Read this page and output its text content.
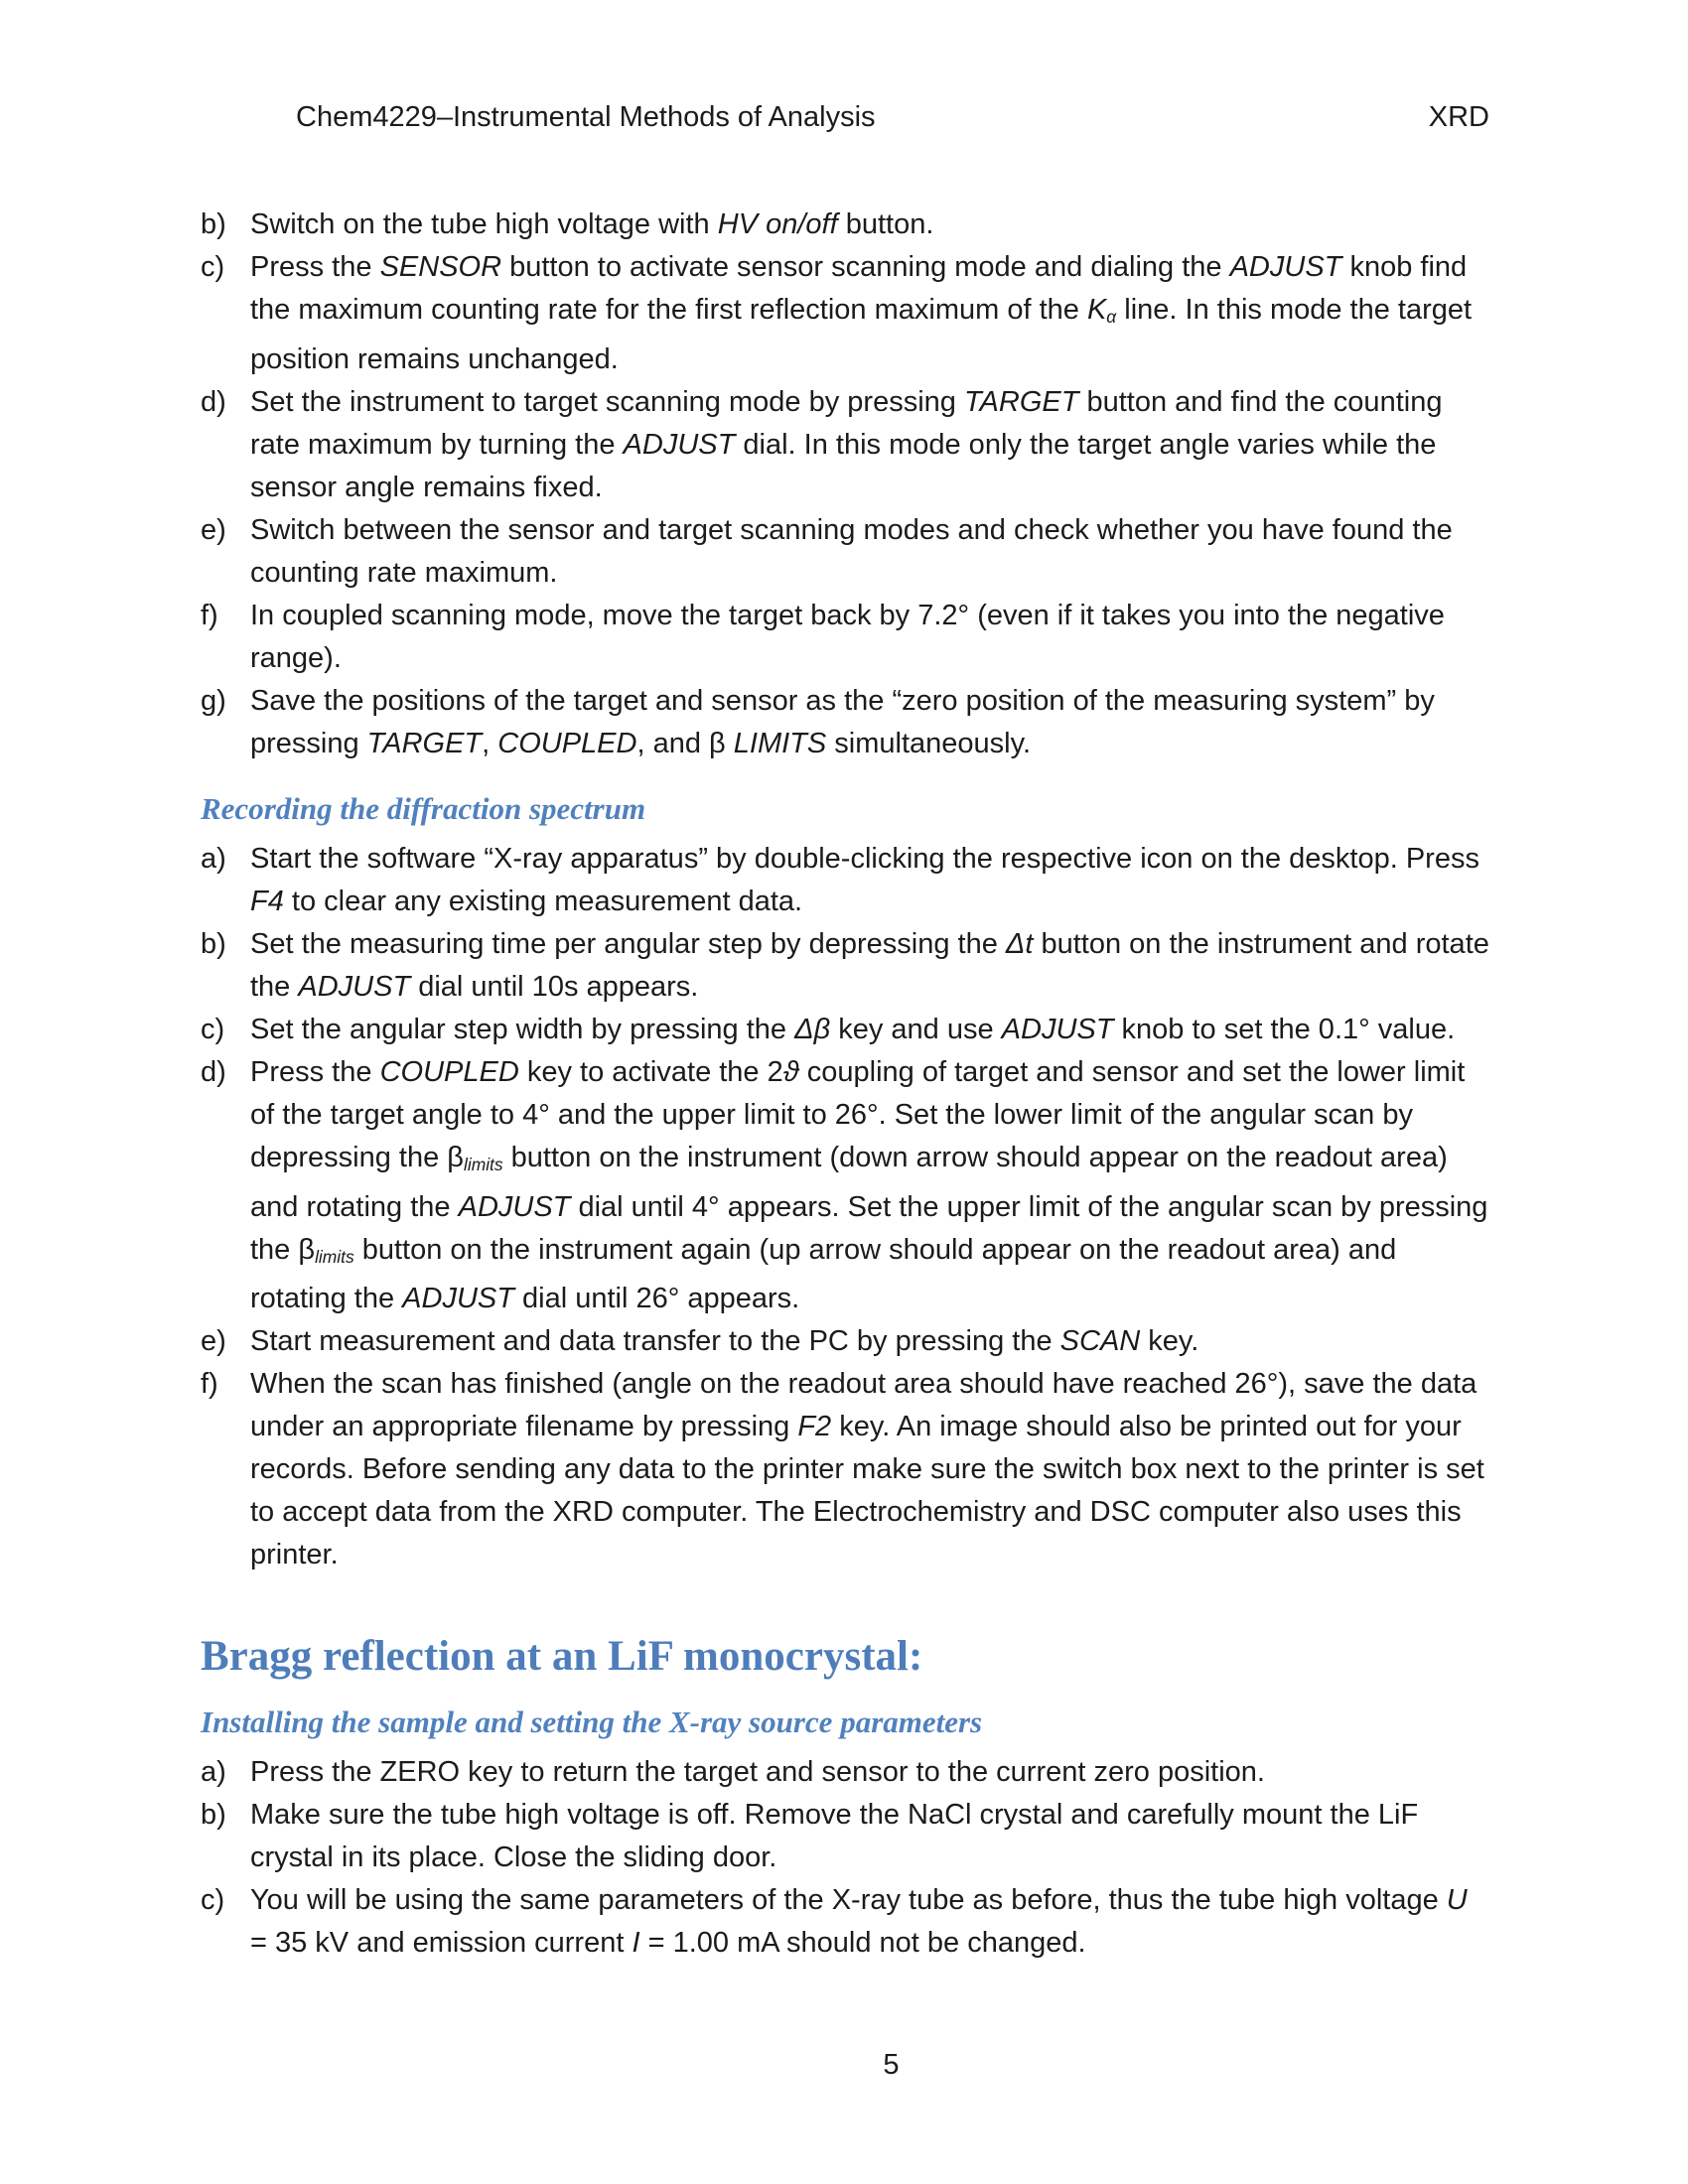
Chem4229–Instrumental Methods of Analysis	XRD
b) Switch on the tube high voltage with HV on/off button.
c) Press the SENSOR button to activate sensor scanning mode and dialing the ADJUST knob find the maximum counting rate for the first reflection maximum of the Kα line. In this mode the target position remains unchanged.
d) Set the instrument to target scanning mode by pressing TARGET button and find the counting rate maximum by turning the ADJUST dial. In this mode only the target angle varies while the sensor angle remains fixed.
e) Switch between the sensor and target scanning modes and check whether you have found the counting rate maximum.
f) In coupled scanning mode, move the target back by 7.2° (even if it takes you into the negative range).
g) Save the positions of the target and sensor as the “zero position of the measuring system” by pressing TARGET, COUPLED, and β LIMITS simultaneously.
Recording the diffraction spectrum
a) Start the software “X-ray apparatus” by double-clicking the respective icon on the desktop. Press F4 to clear any existing measurement data.
b) Set the measuring time per angular step by depressing the Δt button on the instrument and rotate the ADJUST dial until 10s appears.
c) Set the angular step width by pressing the Δβ key and use ADJUST knob to set the 0.1° value.
d) Press the COUPLED key to activate the 2ϑ coupling of target and sensor and set the lower limit of the target angle to 4° and the upper limit to 26°. Set the lower limit of the angular scan by depressing the βlimits button on the instrument (down arrow should appear on the readout area) and rotating the ADJUST dial until 4° appears. Set the upper limit of the angular scan by pressing the βlimits button on the instrument again (up arrow should appear on the readout area) and rotating the ADJUST dial until 26° appears.
e) Start measurement and data transfer to the PC by pressing the SCAN key.
f) When the scan has finished (angle on the readout area should have reached 26°), save the data under an appropriate filename by pressing F2 key. An image should also be printed out for your records. Before sending any data to the printer make sure the switch box next to the printer is set to accept data from the XRD computer. The Electrochemistry and DSC computer also uses this printer.
Bragg reflection at an LiF monocrystal:
Installing the sample and setting the X-ray source parameters
a) Press the ZERO key to return the target and sensor to the current zero position.
b) Make sure the tube high voltage is off. Remove the NaCl crystal and carefully mount the LiF crystal in its place. Close the sliding door.
c) You will be using the same parameters of the X-ray tube as before, thus the tube high voltage U = 35 kV and emission current I = 1.00 mA should not be changed.
5
